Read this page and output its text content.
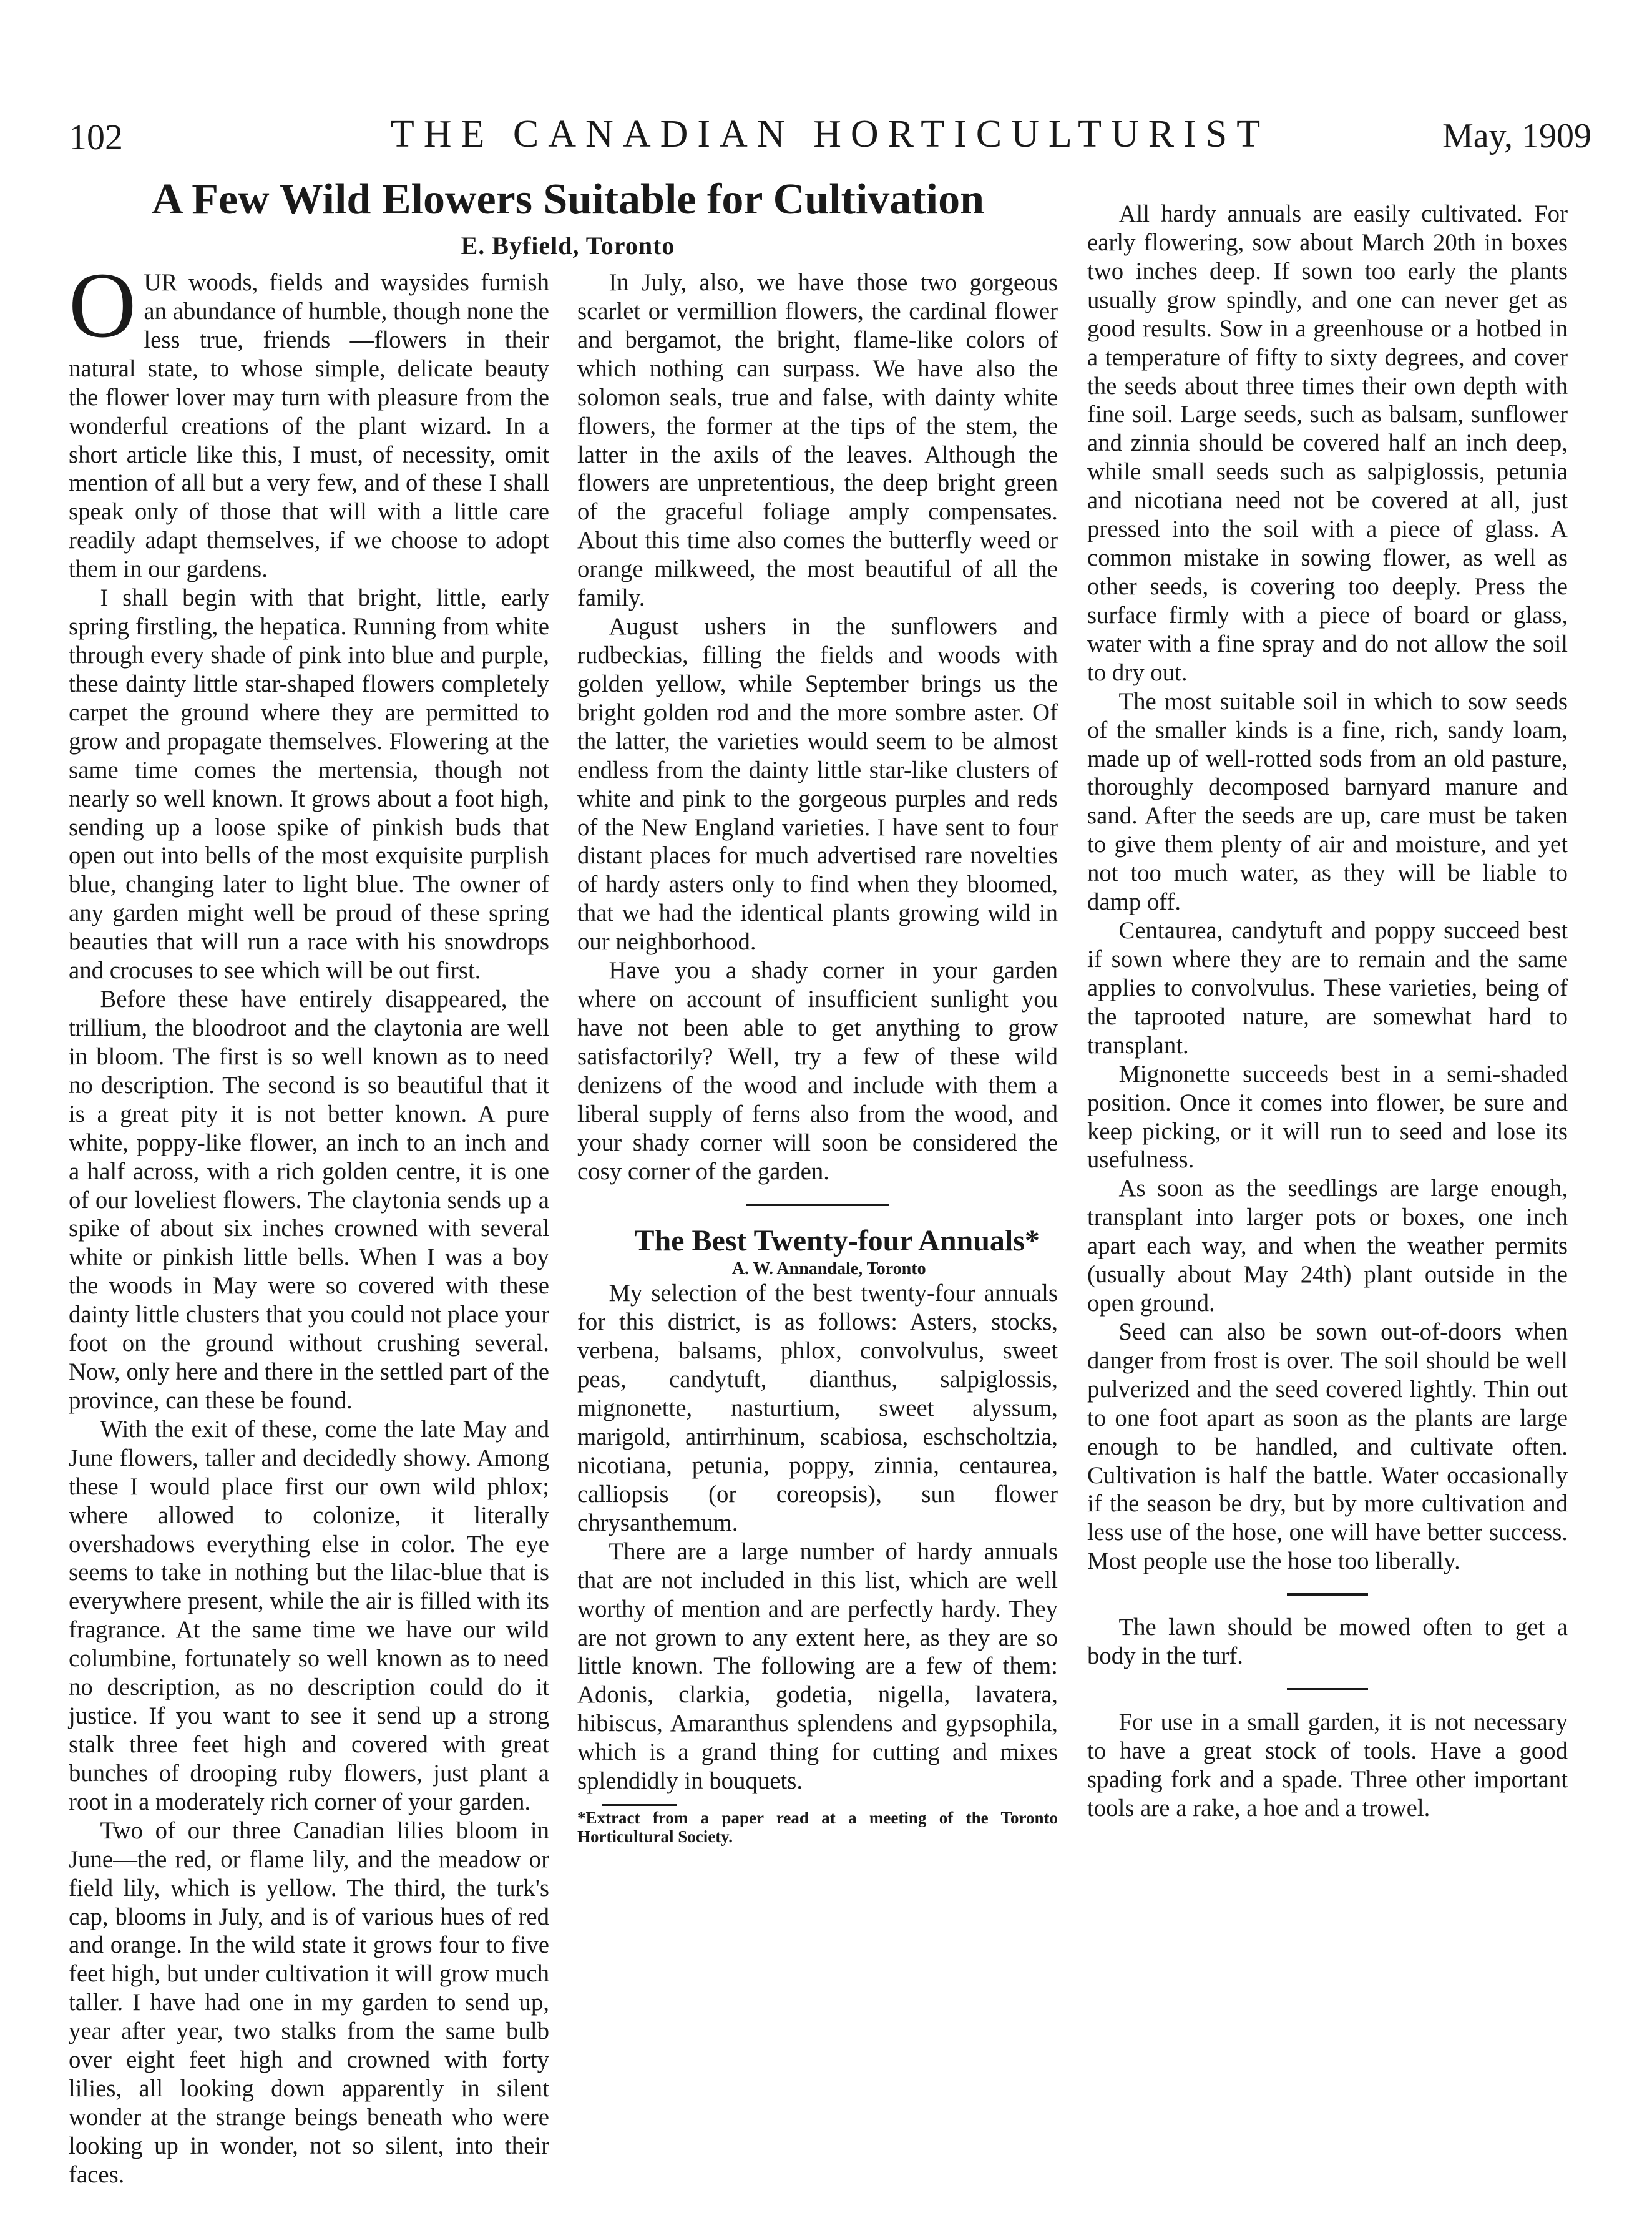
102	THE CANADIAN HORTICULTURIST	May, 1909
A Few Wild Elowers Suitable for Cultivation
E. Byfield, Toronto

OUR woods, fields and waysides furnish an abundance of humble, though none the less true, friends —flowers in their natural state, to whose simple, delicate beauty the flower lover may turn with pleasure from the wonderful creations of the plant wizard. In a short article like this, I must, of necessity, omit mention of all but a very few, and of these I shall speak only of those that will with a little care readily adapt themselves, if we choose to adopt them in our gardens.

I shall begin with that bright, little, early spring firstling, the hepatica. Running from white through every shade of pink into blue and purple, these dainty little star-shaped flowers completely carpet the ground where they are permitted to grow and propagate themselves. Flowering at the same time comes the mertensia, though not nearly so well known. It grows about a foot high, sending up a loose spike of pinkish buds that open out into bells of the most exquisite purplish blue, changing later to light blue. The owner of any garden might well be proud of these spring beauties that will run a race with his snowdrops and crocuses to see which will be out first.

Before these have entirely disappeared, the trillium, the bloodroot and the claytonia are well in bloom. The first is so well known as to need no description. The second is so beautiful that it is a great pity it is not better known. A pure white, poppy-like flower, an inch to an inch and a half across, with a rich golden centre, it is one of our loveliest flowers. The claytonia sends up a spike of about six inches crowned with several white or pinkish little bells. When I was a boy the woods in May were so covered with these dainty little clusters that you could not place your foot on the ground without crushing several. Now, only here and there in the settled part of the province, can these be found.

With the exit of these, come the late May and June flowers, taller and decidedly showy. Among these I would place first our own wild phlox; where allowed to colonize, it literally overshadows everything else in color. The eye seems to take in nothing but the lilac-blue that is everywhere present, while the air is filled with its fragrance. At the same time we have our wild columbine, fortunately so well known as to need no description, as no description could do it justice. If you want to see it send up a strong stalk three feet high and covered with great bunches of drooping ruby flowers, just plant a root in a moderately rich corner of your garden.

Two of our three Canadian lilies bloom in June—the red, or flame lily, and the meadow or field lily, which is yellow. The third, the turk's cap, blooms in July, and is of various hues of red and orange. In the wild state it grows four to five feet high, but under cultivation it will grow much taller. I have had one in my garden to send up, year after year, two stalks from the same bulb over eight feet high and crowned with forty lilies, all looking down apparently in silent wonder at the strange beings beneath who were looking up in wonder, not so silent, into their faces.

In July, also, we have those two gorgeous scarlet or vermillion flowers, the cardinal flower and bergamot, the bright, flame-like colors of which nothing can surpass. We have also the solomon seals, true and false, with dainty white flowers, the former at the tips of the stem, the latter in the axils of the leaves. Although the flowers are unpretentious, the deep bright green of the graceful foliage amply compensates. About this time also comes the butterfly weed or orange milkweed, the most beautiful of all the family.

August ushers in the sunflowers and rudbeckias, filling the fields and woods with golden yellow, while September brings us the bright golden rod and the more sombre aster. Of the latter, the varieties would seem to be almost endless from the dainty little star-like clusters of white and pink to the gorgeous purples and reds of the New England varieties. I have sent to four distant places for much advertised rare novelties of hardy asters only to find when they bloomed, that we had the identical plants growing wild in our neighborhood.

Have you a shady corner in your garden where on account of insufficient sunlight you have not been able to get anything to grow satisfactorily? Well, try a few of these wild denizens of the wood and include with them a liberal supply of ferns also from the wood, and your shady corner will soon be considered the cosy corner of the garden.

The Best Twenty-four Annuals*

A. W. Annandale, Toronto

My selection of the best twenty-four annuals for this district, is as follows: Asters, stocks, verbena, balsams, phlox, convolvulus, sweet peas, candytuft, dianthus, salpiglossis, mignonette, nasturtium, sweet alyssum, marigold, antirrhinum, scabiosa, eschscholtzia, nicotiana, petunia, poppy, zinnia, centaurea, calliopsis (or coreopsis), sun flower chrysanthemum.

There are a large number of hardy annuals that are not included in this list, which are well worthy of mention and are perfectly hardy. They are not grown to any extent here, as they are so little known. The following are a few of them: Adonis, clarkia, godetia, nigella, lavatera, hibiscus, Amaranthus splendens and gypsophila, which is a grand thing for cutting and mixes splendidly in bouquets.

*Extract from a paper read at a meeting of the Toronto Horticultural Society.

All hardy annuals are easily cultivated. For early flowering, sow about March 20th in boxes two inches deep. If sown too early the plants usually grow spindly, and one can never get as good results. Sow in a greenhouse or a hotbed in a temperature of fifty to sixty degrees, and cover the seeds about three times their own depth with fine soil. Large seeds, such as balsam, sunflower and zinnia should be covered half an inch deep, while small seeds such as salpiglossis, petunia and nicotiana need not be covered at all, just pressed into the soil with a piece of glass. A common mistake in sowing flower, as well as other seeds, is covering too deeply. Press the surface firmly with a piece of board or glass, water with a fine spray and do not allow the soil to dry out.

The most suitable soil in which to sow seeds of the smaller kinds is a fine, rich, sandy loam, made up of well-rotted sods from an old pasture, thoroughly decomposed barnyard manure and sand. After the seeds are up, care must be taken to give them plenty of air and moisture, and yet not too much water, as they will be liable to damp off.

Centaurea, candytuft and poppy succeed best if sown where they are to remain and the same applies to convolvulus. These varieties, being of the taprooted nature, are somewhat hard to transplant.

Mignonette succeeds best in a semi-shaded position. Once it comes into flower, be sure and keep picking, or it will run to seed and lose its usefulness.

As soon as the seedlings are large enough, transplant into larger pots or boxes, one inch apart each way, and when the weather permits (usually about May 24th) plant outside in the open ground.

Seed can also be sown out-of-doors when danger from frost is over. The soil should be well pulverized and the seed covered lightly. Thin out to one foot apart as soon as the plants are large enough to be handled, and cultivate often. Cultivation is half the battle. Water occasionally if the season be dry, but by more cultivation and less use of the hose, one will have better success. Most people use the hose too liberally.

The lawn should be mowed often to get a body in the turf.

For use in a small garden, it is not necessary to have a great stock of tools. Have a good spading fork and a spade. Three other important tools are a rake, a hoe and a trowel.
